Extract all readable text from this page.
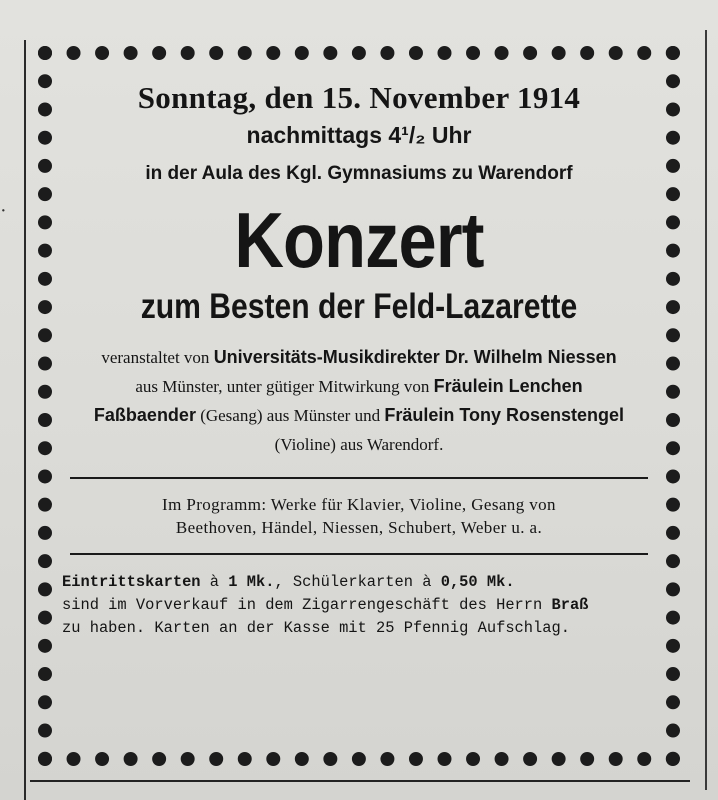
·

Sonntag, den 15. November 1914

nachmittags 4¹/₂ Uhr

in der Aula des Kgl. Gymnasiums zu Warendorf

Konzert

zum Besten der Feld-Lazarette

veranstaltet von Universitäts-Musikdirekter Dr. Wilhelm Niessen
aus Münster, unter gütiger Mitwirkung von Fräulein Lenchen
Faßbaender (Gesang) aus Münster und Fräulein Tony Rosenstengel
(Violine) aus Warendorf.
Im Programm: Werke für Klavier, Violine, Gesang von
Beethoven, Händel, Niessen, Schubert, Weber u. a.
Eintrittskarten à 1 Mk., Schülerkarten à 0,50 Mk.
sind im Vorverkauf in dem Zigarrengeschäft des Herrn Braß
zu haben. Karten an der Kasse mit 25 Pfennig Aufschlag.
